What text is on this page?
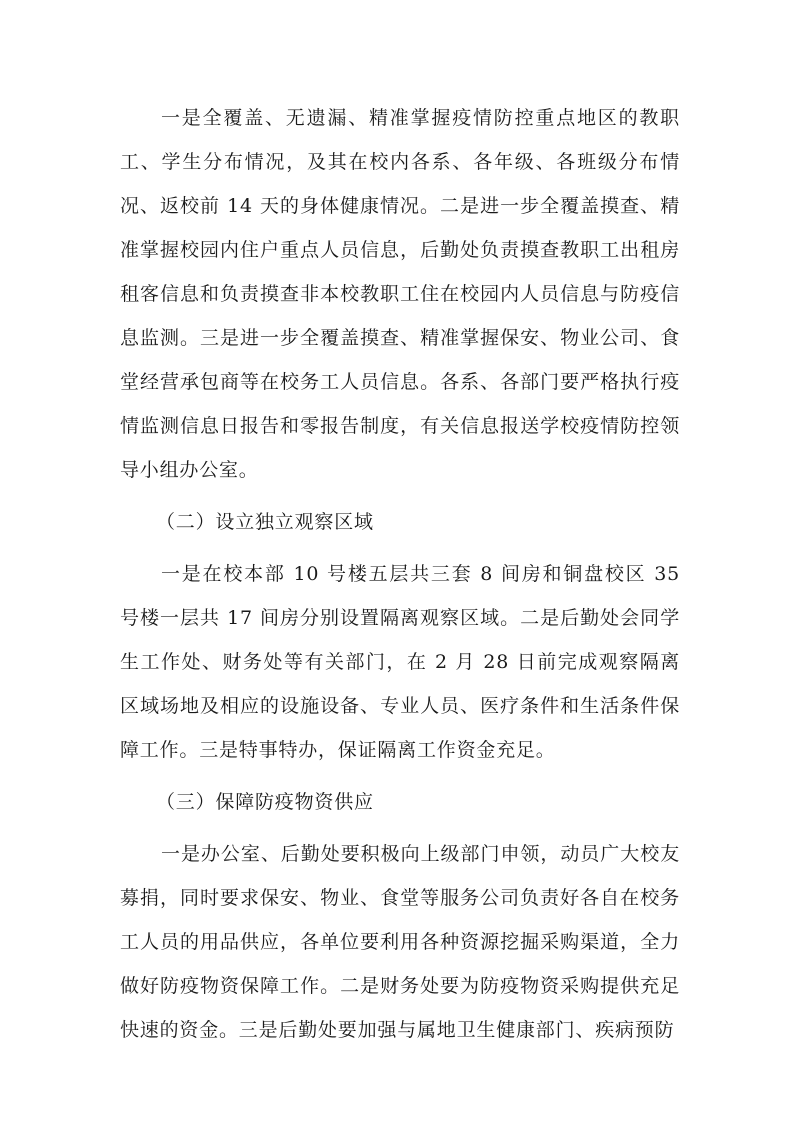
一是全覆盖、无遗漏、精准掌握疫情防控重点地区的教职工、学生分布情况，及其在校内各系、各年级、各班级分布情况、返校前 14 天的身体健康情况。二是进一步全覆盖摸查、精准掌握校园内住户重点人员信息，后勤处负责摸查教职工出租房租客信息和负责摸查非本校教职工住在校园内人员信息与防疫信息监测。三是进一步全覆盖摸查、精准掌握保安、物业公司、食堂经营承包商等在校务工人员信息。各系、各部门要严格执行疫情监测信息日报告和零报告制度，有关信息报送学校疫情防控领导小组办公室。

（二）设立独立观察区域

一是在校本部 10 号楼五层共三套 8 间房和铜盘校区 35 号楼一层共 17 间房分别设置隔离观察区域。二是后勤处会同学生工作处、财务处等有关部门，在 2 月 28 日前完成观察隔离区域场地及相应的设施设备、专业人员、医疗条件和生活条件保障工作。三是特事特办，保证隔离工作资金充足。

（三）保障防疫物资供应

一是办公室、后勤处要积极向上级部门申领，动员广大校友募捐，同时要求保安、物业、食堂等服务公司负责好各自在校务工人员的用品供应，各单位要利用各种资源挖掘采购渠道，全力做好防疫物资保障工作。二是财务处要为防疫物资采购提供充足快速的资金。三是后勤处要加强与属地卫生健康部门、疾病预防
